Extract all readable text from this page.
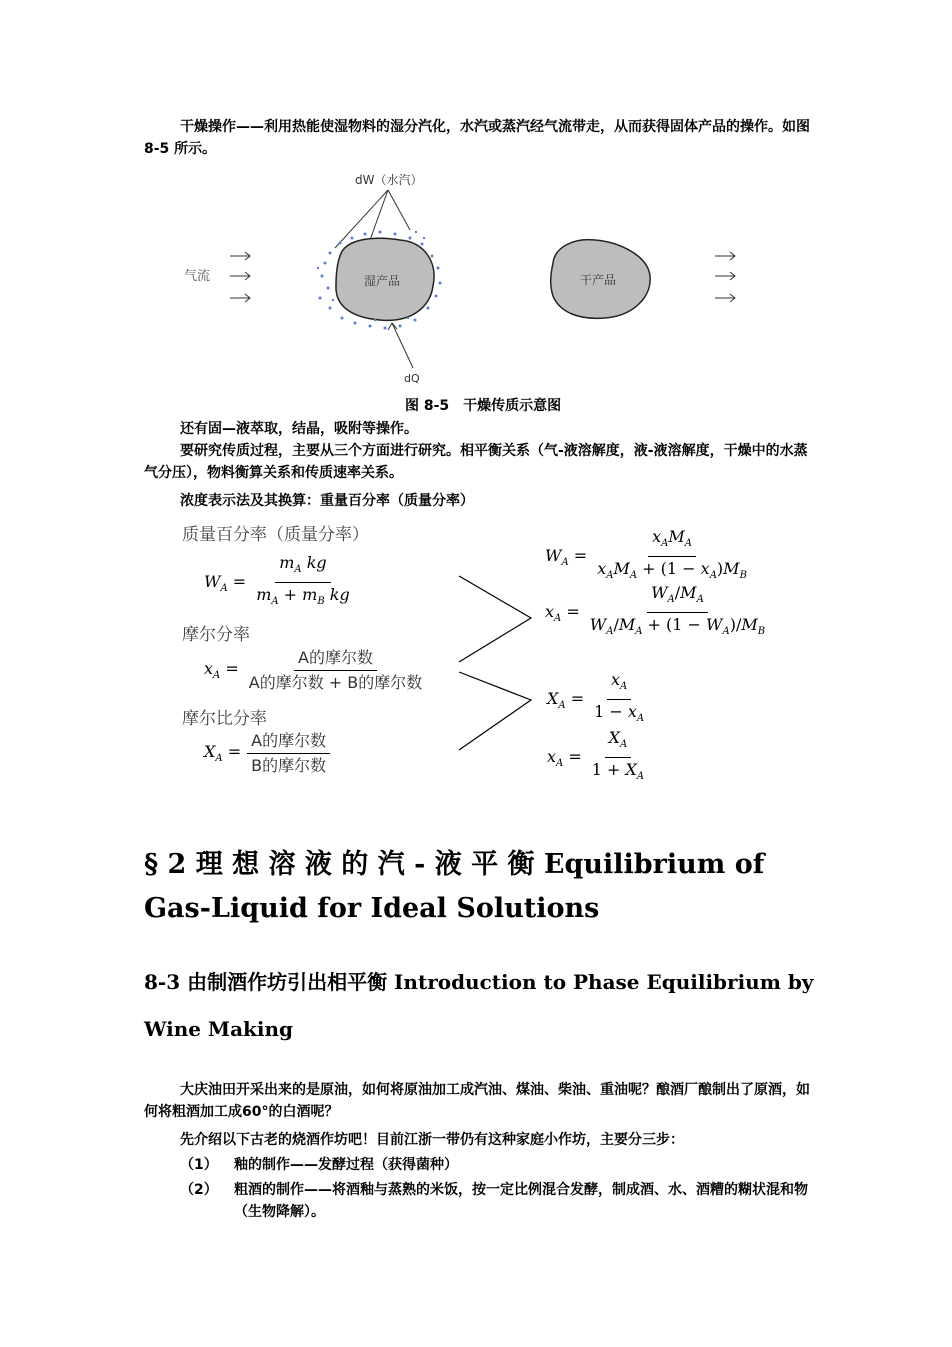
干燥操作——利用热能使湿物料的湿分汽化，水汽或蒸汽经气流带走，从而获得固体产品的操作。如图 8-5 所示。
dW（水汽）
气流	湿产品
dQ
干产品
图 8-5　干燥传质示意图
还有固—液萃取，结晶，吸附等操作。
要研究传质过程，主要从三个方面进行研究。相平衡关系（气-液溶解度，液-液溶解度，干燥中的水蒸气分压），物料衡算关系和传质速率关系。
浓度表示法及其换算：重量百分率（质量分率）
质量百分率（质量分率）
$W_A = \frac{m_A kg}{m_A + m_B kg}$
摩尔分率
$x_A = \frac{\text{A的摩尔数}}{\text{A的摩尔数 + B的摩尔数}}$
摩尔比分率
$X_A = \frac{\text{A的摩尔数}}{\text{B的摩尔数}}$
$W_A = \frac{x_AM_A}{x_AM_A + (1 - x_A)M_B}$
$x_A = \frac{W_A/M_A}{W_A/M_A + (1 - W_A)/M_B}$
$X_A = \frac{x_A}{1 - x_A}$
$x_A = \frac{X_A}{1 + X_A}$
§ 2 理 想 溶 液 的 汽 - 液 平 衡 Equilibrium of
Gas-Liquid for Ideal Solutions
8-3 由制酒作坊引出相平衡 Introduction to Phase Equilibrium by
Wine Making
大庆油田开采出来的是原油，如何将原油加工成汽油、煤油、柴油、重油呢？酿酒厂酿制出了原酒，如何将粗酒加工成60°的白酒呢？
先介绍以下古老的烧酒作坊吧！目前江浙一带仍有这种家庭小作坊，主要分三步：
（1）	釉的制作——发酵过程（获得菌种）
（2）	粗酒的制作——将酒釉与蒸熟的米饭，按一定比例混合发酵，制成酒、水、酒糟的糊状混和物（生物降解）。
